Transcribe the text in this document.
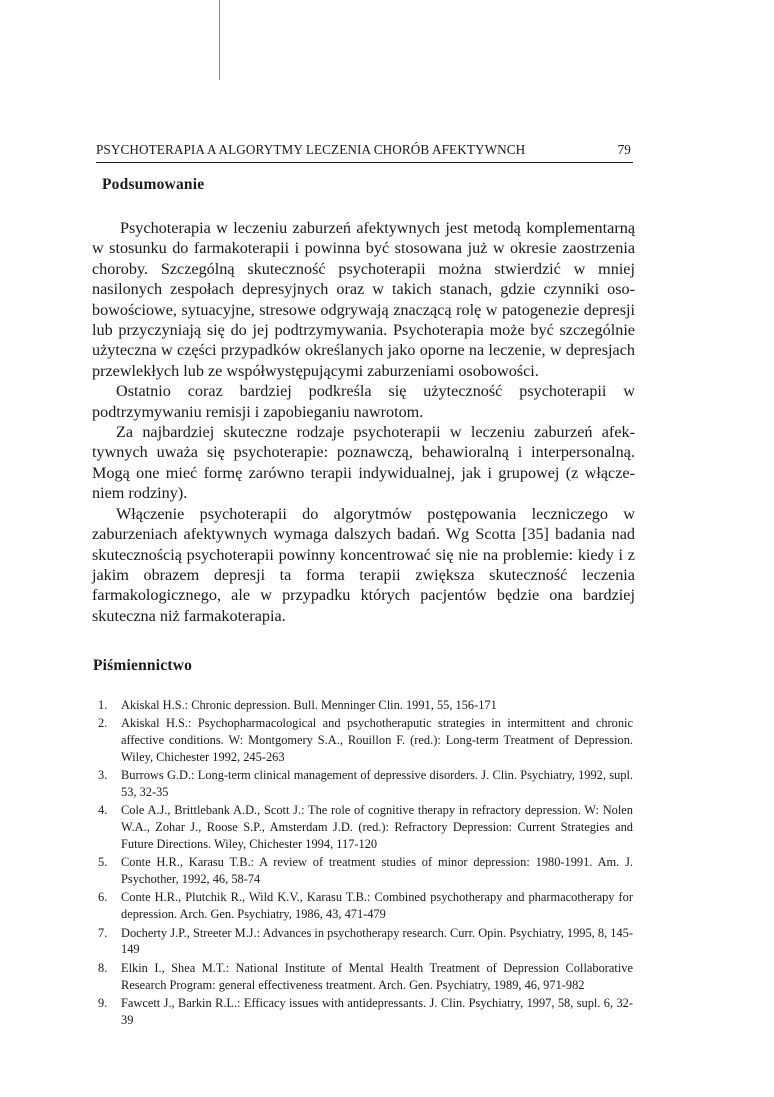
PSYCHOTERAPIA A ALGORYTMY LECZENIA CHORÓB AFEKTYWNCH	79
Podsumowanie

Psychoterapia w leczeniu zaburzeń afektywnych jest metodą komplementarną w stosunku do farmakoterapii i powinna być stosowana już w okresie zaostrzenia choroby. Szczególną skuteczność psychoterapii można stwierdzić w mniej nasilonych zespołach depresyjnych oraz w takich stanach, gdzie czynniki osobowościowe, sytuacyjne, stresowe odgrywają znaczącą rolę w patogenezie depresji lub przyczyniają się do jej podtrzymywania. Psychoterapia może być szczególnie użyteczna w części przypadków określanych jako oporne na leczenie, w depresjach przewlekłych lub ze współwystępującymi zaburzeniami osobowości.

Ostatnio coraz bardziej podkreśla się użyteczność psychoterapii w podtrzymywaniu remisji i zapobieganiu nawrotom.

Za najbardziej skuteczne rodzaje psychoterapii w leczeniu zaburzeń afektywnych uważa się psychoterapie: poznawczą, behawioralną i interpersonalną. Mogą one mieć formę zarówno terapii indywidualnej, jak i grupowej (z włączeniem rodziny).

Włączenie psychoterapii do algorytmów postępowania leczniczego w zaburzeniach afektywnych wymaga dalszych badań. Wg Scotta [35] badania nad skutecznością psychoterapii powinny koncentrować się nie na problemie: kiedy i z jakim obrazem depresji ta forma terapii zwiększa skuteczność leczenia farmakologicznego, ale w przypadku których pacjentów będzie ona bardziej skuteczna niż farmakoterapia.

Piśmiennictwo
1. Akiskal H.S.: Chronic depression. Bull. Menninger Clin. 1991, 55, 156-171
2. Akiskal H.S.: Psychopharmacological and psychotheraputic strategies in intermittent and chronic affective conditions. W: Montgomery S.A., Rouillon F. (red.): Long-term Treatment of Depression. Wiley, Chichester 1992, 245-263
3. Burrows G.D.: Long-term clinical management of depressive disorders. J. Clin. Psychiatry, 1992, supl. 53, 32-35
4. Cole A.J., Brittlebank A.D., Scott J.: The role of cognitive therapy in refractory depression. W: Nolen W.A., Zohar J., Roose S.P., Amsterdam J.D. (red.): Refractory Depression: Current Strategies and Future Directions. Wiley, Chichester 1994, 117-120
5. Conte H.R., Karasu T.B.: A review of treatment studies of minor depression: 1980-1991. Am. J. Psychother, 1992, 46, 58-74
6. Conte H.R., Plutchik R., Wild K.V., Karasu T.B.: Combined psychotherapy and pharmacotherapy for depression. Arch. Gen. Psychiatry, 1986, 43, 471-479
7. Docherty J.P., Streeter M.J.: Advances in psychotherapy research. Curr. Opin. Psychiatry, 1995, 8, 145-149
8. Elkin I., Shea M.T.: National Institute of Mental Health Treatment of Depression Collaborative Research Program: general effectiveness treatment. Arch. Gen. Psychiatry, 1989, 46, 971-982
9. Fawcett J., Barkin R.L.: Efficacy issues with antidepressants. J. Clin. Psychiatry, 1997, 58, supl. 6, 32-39
